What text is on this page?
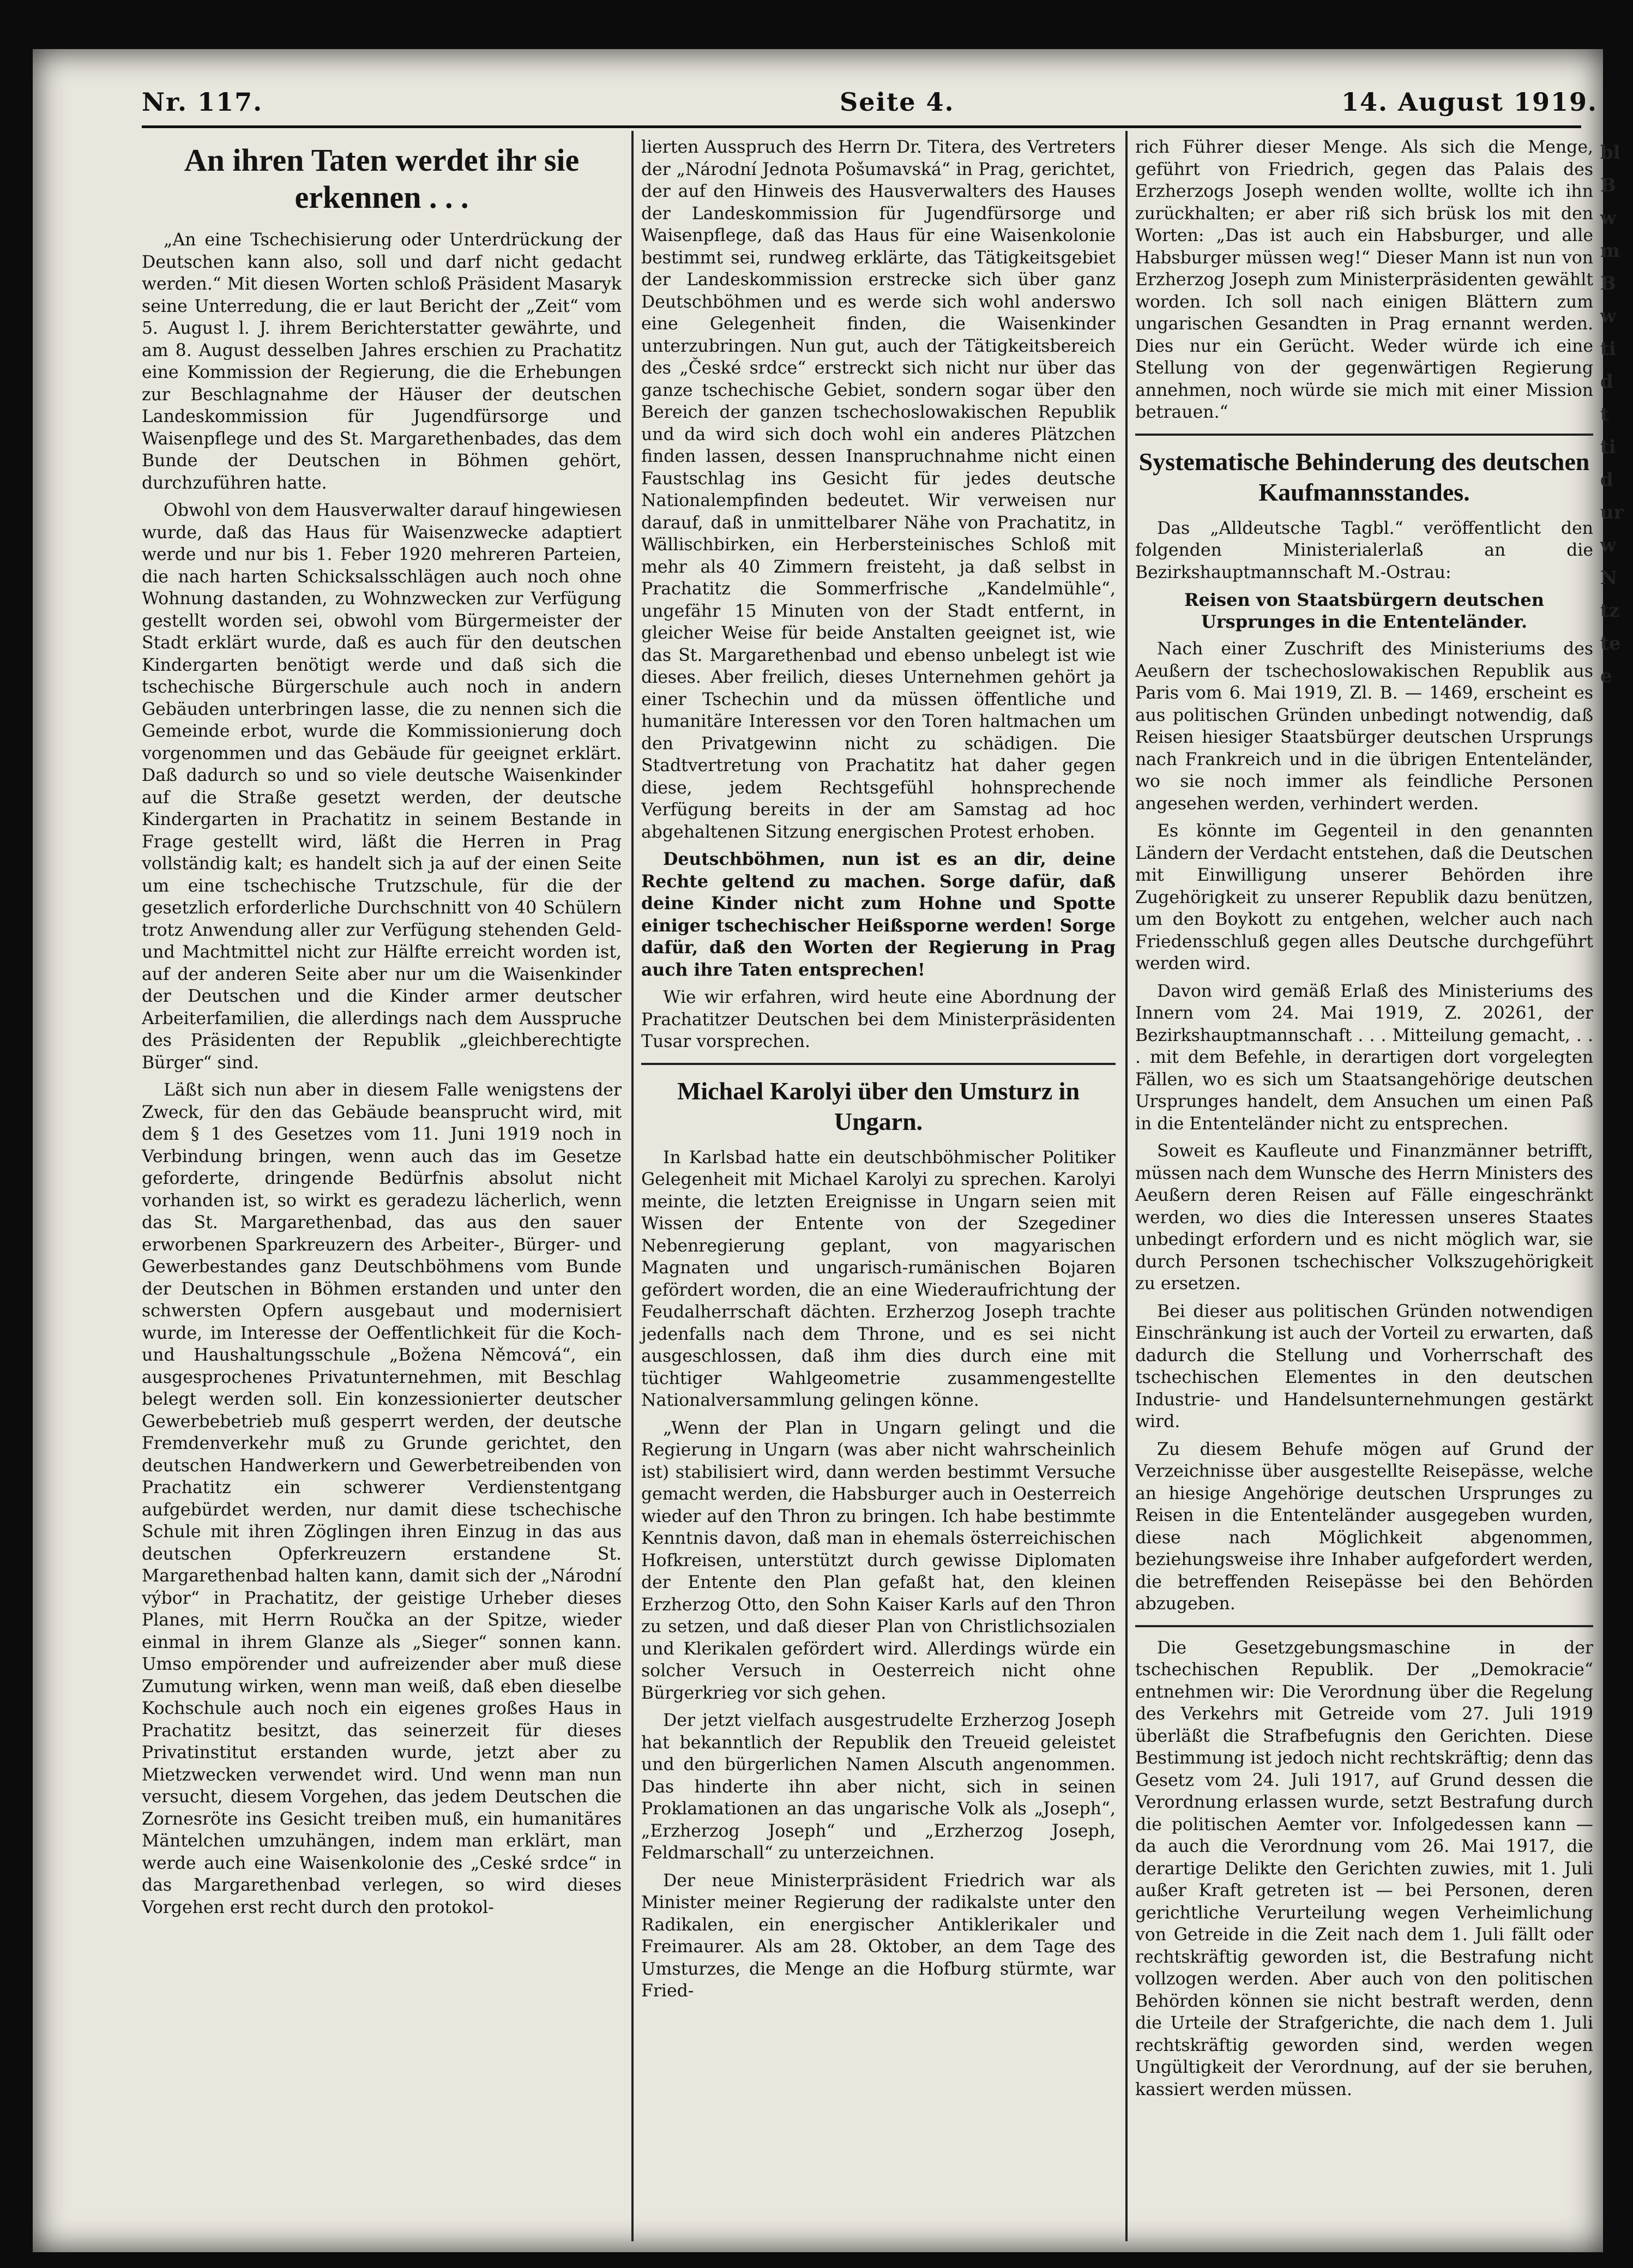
Nr. 117.	Seite 4.	14. August 1919.
An ihren Taten werdet ihr sie erkennen . . .

„An eine Tschechisierung oder Unterdrückung der Deutschen kann also, soll und darf nicht gedacht werden.“ Mit diesen Worten schloß Präsident Masaryk seine Unterredung, die er laut Bericht der „Zeit“ vom 5. August l. J. ihrem Berichterstatter gewährte, und am 8. August desselben Jahres erschien zu Prachatitz eine Kommission der Regierung, die die Erhebungen zur Beschlagnahme der Häuser der deutschen Landeskommission für Jugendfürsorge und Waisenpflege und des St. Margarethenbades, das dem Bunde der Deutschen in Böhmen gehört, durchzuführen hatte.

Obwohl von dem Hausverwalter darauf hingewiesen wurde, daß das Haus für Waisenzwecke adaptiert werde und nur bis 1. Feber 1920 mehreren Parteien, die nach harten Schicksalsschlägen auch noch ohne Wohnung dastanden, zu Wohnzwecken zur Verfügung gestellt worden sei, obwohl vom Bürgermeister der Stadt erklärt wurde, daß es auch für den deutschen Kindergarten benötigt werde und daß sich die tschechische Bürgerschule auch noch in andern Gebäuden unterbringen lasse, die zu nennen sich die Gemeinde erbot, wurde die Kommissionierung doch vorgenommen und das Gebäude für geeignet erklärt. Daß dadurch so und so viele deutsche Waisenkinder auf die Straße gesetzt werden, der deutsche Kindergarten in Prachatitz in seinem Bestande in Frage gestellt wird, läßt die Herren in Prag vollständig kalt; es handelt sich ja auf der einen Seite um eine tschechische Trutzschule, für die der gesetzlich erforderliche Durchschnitt von 40 Schülern trotz Anwendung aller zur Verfügung stehenden Geld- und Machtmittel nicht zur Hälfte erreicht worden ist, auf der anderen Seite aber nur um die Waisenkinder der Deutschen und die Kinder armer deutscher Arbeiterfamilien, die allerdings nach dem Ausspruche des Präsidenten der Republik „gleichberechtigte Bürger“ sind.

Läßt sich nun aber in diesem Falle wenigstens der Zweck, für den das Gebäude beansprucht wird, mit dem § 1 des Gesetzes vom 11. Juni 1919 noch in Verbindung bringen, wenn auch das im Gesetze geforderte, dringende Bedürfnis absolut nicht vorhanden ist, so wirkt es geradezu lächerlich, wenn das St. Margarethenbad, das aus den sauer erworbenen Sparkreuzern des Arbeiter-, Bürger- und Gewerbestandes ganz Deutschböhmens vom Bunde der Deutschen in Böhmen erstanden und unter den schwersten Opfern ausgebaut und modernisiert wurde, im Interesse der Oeffentlichkeit für die Koch- und Haushaltungsschule „Božena Němcová“, ein ausgesprochenes Privatunternehmen, mit Beschlag belegt werden soll. Ein konzessionierter deutscher Gewerbebetrieb muß gesperrt werden, der deutsche Fremdenverkehr muß zu Grunde gerichtet, den deutschen Handwerkern und Gewerbetreibenden von Prachatitz ein schwerer Verdienstentgang aufgebürdet werden, nur damit diese tschechische Schule mit ihren Zöglingen ihren Einzug in das aus deutschen Opferkreuzern erstandene St. Margarethenbad halten kann, damit sich der „Národní výbor“ in Prachatitz, der geistige Urheber dieses Planes, mit Herrn Roučka an der Spitze, wieder einmal in ihrem Glanze als „Sieger“ sonnen kann. Umso empörender und aufreizender aber muß diese Zumutung wirken, wenn man weiß, daß eben dieselbe Kochschule auch noch ein eigenes großes Haus in Prachatitz besitzt, das seinerzeit für dieses Privatinstitut erstanden wurde, jetzt aber zu Mietzwecken verwendet wird. Und wenn man nun versucht, diesem Vorgehen, das jedem Deutschen die Zornesröte ins Gesicht treiben muß, ein humanitäres Mäntelchen umzuhängen, indem man erklärt, man werde auch eine Waisenkolonie des „Ceské srdce“ in das Margarethenbad verlegen, so wird dieses Vorgehen erst recht durch den protokol-

lierten Ausspruch des Herrn Dr. Titera, des Vertreters der „Národní Jednota Pošumavská“ in Prag, gerichtet, der auf den Hinweis des Hausverwalters des Hauses der Landeskommission für Jugendfürsorge und Waisenpflege, daß das Haus für eine Waisenkolonie bestimmt sei, rundweg erklärte, das Tätigkeitsgebiet der Landeskommission erstrecke sich über ganz Deutschböhmen und es werde sich wohl anderswo eine Gelegenheit finden, die Waisenkinder unterzubringen. Nun gut, auch der Tätigkeitsbereich des „České srdce“ erstreckt sich nicht nur über das ganze tschechische Gebiet, sondern sogar über den Bereich der ganzen tschechoslowakischen Republik und da wird sich doch wohl ein anderes Plätzchen finden lassen, dessen Inanspruchnahme nicht einen Faustschlag ins Gesicht für jedes deutsche Nationalempfinden bedeutet. Wir verweisen nur darauf, daß in unmittelbarer Nähe von Prachatitz, in Wällischbirken, ein Herbersteinisches Schloß mit mehr als 40 Zimmern freisteht, ja daß selbst in Prachatitz die Sommerfrische „Kandelmühle“, ungefähr 15 Minuten von der Stadt entfernt, in gleicher Weise für beide Anstalten geeignet ist, wie das St. Margarethenbad und ebenso unbelegt ist wie dieses. Aber freilich, dieses Unternehmen gehört ja einer Tschechin und da müssen öffentliche und humanitäre Interessen vor den Toren haltmachen um den Privatgewinn nicht zu schädigen. Die Stadtvertretung von Prachatitz hat daher gegen diese, jedem Rechtsgefühl hohnsprechende Verfügung bereits in der am Samstag ad hoc abgehaltenen Sitzung energischen Protest erhoben.

Deutschböhmen, nun ist es an dir, deine Rechte geltend zu machen. Sorge dafür, daß deine Kinder nicht zum Hohne und Spotte einiger tschechischer Heißsporne werden! Sorge dafür, daß den Worten der Regierung in Prag auch ihre Taten entsprechen!

Wie wir erfahren, wird heute eine Abordnung der Prachatitzer Deutschen bei dem Ministerpräsidenten Tusar vorsprechen.

Michael Karolyi über den Umsturz in Ungarn.

In Karlsbad hatte ein deutschböhmischer Politiker Gelegenheit mit Michael Karolyi zu sprechen. Karolyi meinte, die letzten Ereignisse in Ungarn seien mit Wissen der Entente von der Szegediner Nebenregierung geplant, von magyarischen Magnaten und ungarisch-rumänischen Bojaren gefördert worden, die an eine Wiederaufrichtung der Feudalherrschaft dächten. Erzherzog Joseph trachte jedenfalls nach dem Throne, und es sei nicht ausgeschlossen, daß ihm dies durch eine mit tüchtiger Wahlgeometrie zusammengestellte Nationalversammlung gelingen könne.

„Wenn der Plan in Ungarn gelingt und die Regierung in Ungarn (was aber nicht wahrscheinlich ist) stabilisiert wird, dann werden bestimmt Versuche gemacht werden, die Habsburger auch in Oesterreich wieder auf den Thron zu bringen. Ich habe bestimmte Kenntnis davon, daß man in ehemals österreichischen Hofkreisen, unterstützt durch gewisse Diplomaten der Entente den Plan gefaßt hat, den kleinen Erzherzog Otto, den Sohn Kaiser Karls auf den Thron zu setzen, und daß dieser Plan von Christlichsozialen und Klerikalen gefördert wird. Allerdings würde ein solcher Versuch in Oesterreich nicht ohne Bürgerkrieg vor sich gehen.

Der jetzt vielfach ausgestrudelte Erzherzog Joseph hat bekanntlich der Republik den Treueid geleistet und den bürgerlichen Namen Alscuth angenommen. Das hinderte ihn aber nicht, sich in seinen Proklamationen an das ungarische Volk als „Joseph“, „Erzherzog Joseph“ und „Erzherzog Joseph, Feldmarschall“ zu unterzeichnen.

Der neue Ministerpräsident Friedrich war als Minister meiner Regierung der radikalste unter den Radikalen, ein energischer Antiklerikaler und Freimaurer. Als am 28. Oktober, an dem Tage des Umsturzes, die Menge an die Hofburg stürmte, war Fried-

rich Führer dieser Menge. Als sich die Menge, geführt von Friedrich, gegen das Palais des Erzherzogs Joseph wenden wollte, wollte ich ihn zurückhalten; er aber riß sich brüsk los mit den Worten: „Das ist auch ein Habsburger, und alle Habsburger müssen weg!“ Dieser Mann ist nun von Erzherzog Joseph zum Ministerpräsidenten gewählt worden. Ich soll nach einigen Blättern zum ungarischen Gesandten in Prag ernannt werden. Dies nur ein Gerücht. Weder würde ich eine Stellung von der gegenwärtigen Regierung annehmen, noch würde sie mich mit einer Mission betrauen.“

Systematische Behinderung des deutschen Kaufmannsstandes.

Das „Alldeutsche Tagbl.“ veröffentlicht den folgenden Ministerialerlaß an die Bezirkshauptmannschaft M.-Ostrau:

Reisen von Staatsbürgern deutschen Ursprunges in die Ententeländer.

Nach einer Zuschrift des Ministeriums des Aeußern der tschechoslowakischen Republik aus Paris vom 6. Mai 1919, Zl. B. — 1469, erscheint es aus politischen Gründen unbedingt notwendig, daß Reisen hiesiger Staatsbürger deutschen Ursprungs nach Frankreich und in die übrigen Ententeländer, wo sie noch immer als feindliche Personen angesehen werden, verhindert werden.

Es könnte im Gegenteil in den genannten Ländern der Verdacht entstehen, daß die Deutschen mit Einwilligung unserer Behörden ihre Zugehörigkeit zu unserer Republik dazu benützen, um den Boykott zu entgehen, welcher auch nach Friedensschluß gegen alles Deutsche durchgeführt werden wird.

Davon wird gemäß Erlaß des Ministeriums des Innern vom 24. Mai 1919, Z. 20261, der Bezirkshauptmannschaft . . . Mitteilung gemacht, . . . mit dem Befehle, in derartigen dort vorgelegten Fällen, wo es sich um Staatsangehörige deutschen Ursprunges handelt, dem Ansuchen um einen Paß in die Ententeländer nicht zu entsprechen.

Soweit es Kaufleute und Finanzmänner betrifft, müssen nach dem Wunsche des Herrn Ministers des Aeußern deren Reisen auf Fälle eingeschränkt werden, wo dies die Interessen unseres Staates unbedingt erfordern und es nicht möglich war, sie durch Personen tschechischer Volkszugehörigkeit zu ersetzen.

Bei dieser aus politischen Gründen notwendigen Einschränkung ist auch der Vorteil zu erwarten, daß dadurch die Stellung und Vorherrschaft des tschechischen Elementes in den deutschen Industrie- und Handelsunternehmungen gestärkt wird.

Zu diesem Behufe mögen auf Grund der Verzeichnisse über ausgestellte Reisepässe, welche an hiesige Angehörige deutschen Ursprunges zu Reisen in die Ententeländer ausgegeben wurden, diese nach Möglichkeit abgenommen, beziehungsweise ihre Inhaber aufgefordert werden, die betreffenden Reisepässe bei den Behörden abzugeben.

Die Gesetzgebungsmaschine in der tschechischen Republik. Der „Demokracie“ entnehmen wir: Die Verordnung über die Regelung des Verkehrs mit Getreide vom 27. Juli 1919 überläßt die Strafbefugnis den Gerichten. Diese Bestimmung ist jedoch nicht rechtskräftig; denn das Gesetz vom 24. Juli 1917, auf Grund dessen die Verordnung erlassen wurde, setzt Bestrafung durch die politischen Aemter vor. Infolgedessen kann — da auch die Verordnung vom 26. Mai 1917, die derartige Delikte den Gerichten zuwies, mit 1. Juli außer Kraft getreten ist — bei Personen, deren gerichtliche Verurteilung wegen Verheimlichung von Getreide in die Zeit nach dem 1. Juli fällt oder rechtskräftig geworden ist, die Bestrafung nicht vollzogen werden. Aber auch von den politischen Behörden können sie nicht bestraft werden, denn die Urteile der Strafgerichte, die nach dem 1. Juli rechtskräftig geworden sind, werden wegen Ungültigkeit der Verordnung, auf der sie beruhen, kassiert werden müssen.

bl
B
w
m
B
w
ti
d
t
ti
d
ur
w
N
tz
te
e
